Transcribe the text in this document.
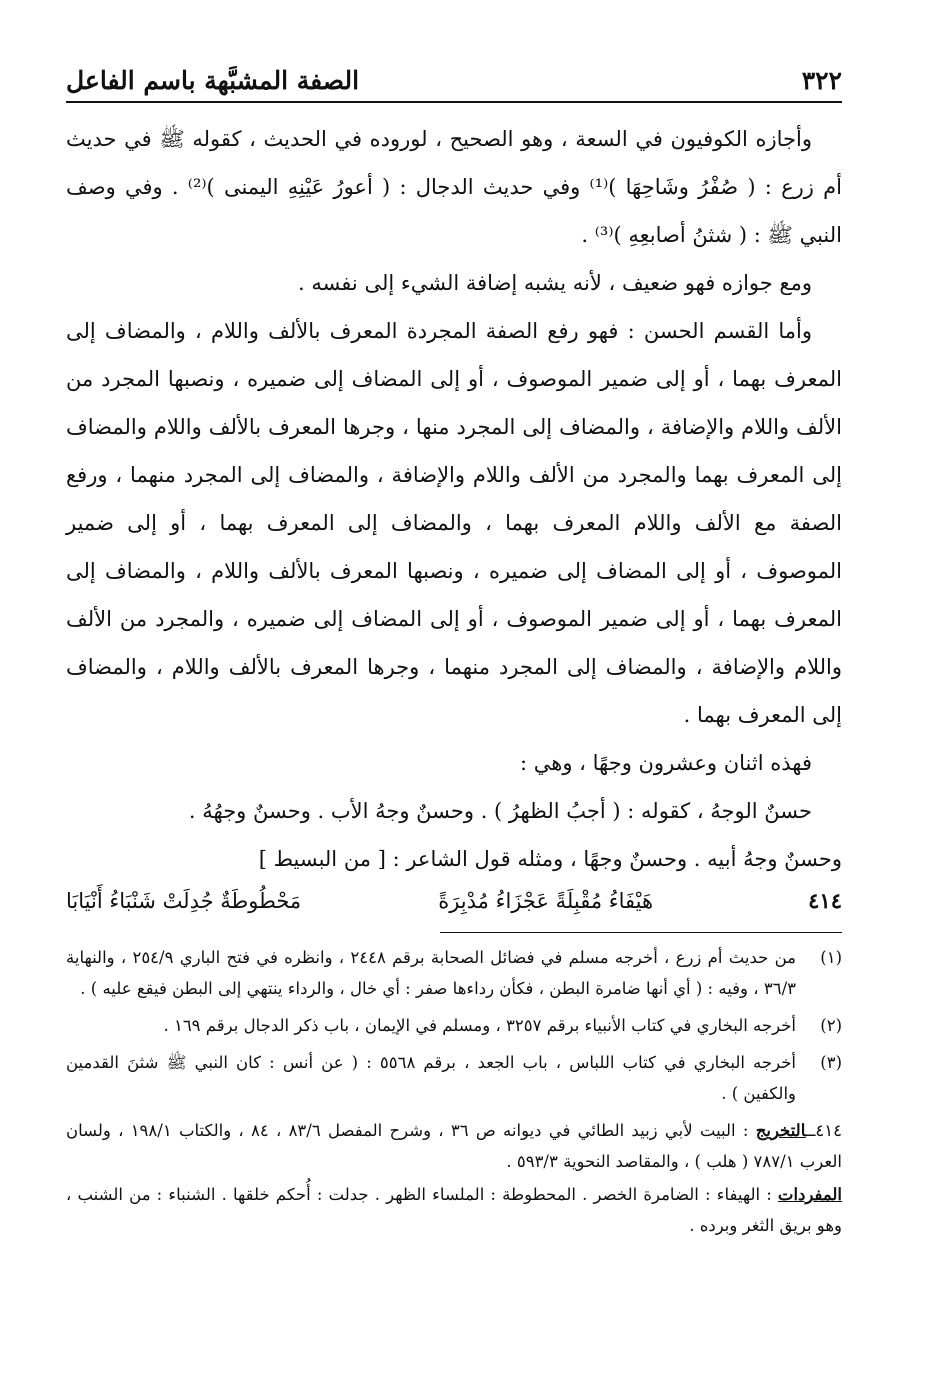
٣٢٢
الصفة المشبَّهة باسم الفاعل

وأجازه الكوفيون في السعة ، وهو الصحيح ، لوروده في الحديث ، كقوله ﷺ في حديث أم زرع : ( صُفْرُ وشَاحِهَا )⁽¹⁾ وفي حديث الدجال : ( أعورُ عَيْنِهِ اليمنى )⁽²⁾ . وفي وصف النبي ﷺ : ( شثنُ أصابعِهِ )⁽³⁾ .

ومع جوازه فهو ضعيف ، لأنه يشبه إضافة الشيء إلى نفسه .

وأما القسم الحسن : فهو رفع الصفة المجردة المعرف بالألف واللام ، والمضاف إلى المعرف بهما ، أو إلى ضمير الموصوف ، أو إلى المضاف إلى ضميره ، ونصبها المجرد من الألف واللام والإضافة ، والمضاف إلى المجرد منها ، وجرها المعرف بالألف واللام والمضاف إلى المعرف بهما والمجرد من الألف واللام والإضافة ، والمضاف إلى المجرد منهما ، ورفع الصفة مع الألف واللام المعرف بهما ، والمضاف إلى المعرف بهما ، أو إلى ضمير الموصوف ، أو إلى المضاف إلى ضميره ، ونصبها المعرف بالألف واللام ، والمضاف إلى المعرف بهما ، أو إلى ضمير الموصوف ، أو إلى المضاف إلى ضميره ، والمجرد من الألف واللام والإضافة ، والمضاف إلى المجرد منهما ، وجرها المعرف بالألف واللام ، والمضاف إلى المعرف بهما .

فهذه اثنان وعشرون وجهًا ، وهي :

حسنٌ الوجهُ ، كقوله : ( أجبُ الظهرُ ) . وحسنٌ وجهُ الأب . وحسنٌ وجهُهُ .

وحسنٌ وجهُ أبيه . وحسنٌ وجهًا ، ومثله قول الشاعر : [ من البسيط ]

٤١٤
هَيْفَاءُ مُقْبِلَةً عَجْزَاءُ مُدْبِرَةً
مَحْطُوطَةٌ جُدِلَتْ شَنْبَاءُ أَنْيَابَا
(١)
من حديث أم زرع ، أخرجه مسلم في فضائل الصحابة برقم ٢٤٤٨ ، وانظره في فتح الباري ٢٥٤/٩ ، والنهاية ٣٦/٣ ، وفيه : ( أي أنها ضامرة البطن ، فكأن رداءها صفر : أي خال ، والرداء ينتهي إلى البطن فيقع عليه ) .
(٢)
أخرجه البخاري في كتاب الأنبياء برقم ٣٢٥٧ ، ومسلم في الإيمان ، باب ذكر الدجال برقم ١٦٩ .
(٣)
أخرجه البخاري في كتاب اللباس ، باب الجعد ، برقم ٥٥٦٨ : ( عن أنس : كان النبي ﷺ شثنَ القدمين والكفين ) .
٤١٤ــالتخريج : البيت لأبي زبيد الطائي في ديوانه ص ٣٦ ، وشرح المفصل ٨٣/٦ ، ٨٤ ، والكتاب ١٩٨/١ ، ولسان العرب ٧٨٧/١ ( هلب ) ، والمقاصد النحوية ٥٩٣/٣ .
المفردات : الهيفاء : الضامرة الخصر . المحطوطة : الملساء الظهر . جدلت : أُحكم خلقها . الشنباء : من الشنب ، وهو بريق الثغر وبرده .
